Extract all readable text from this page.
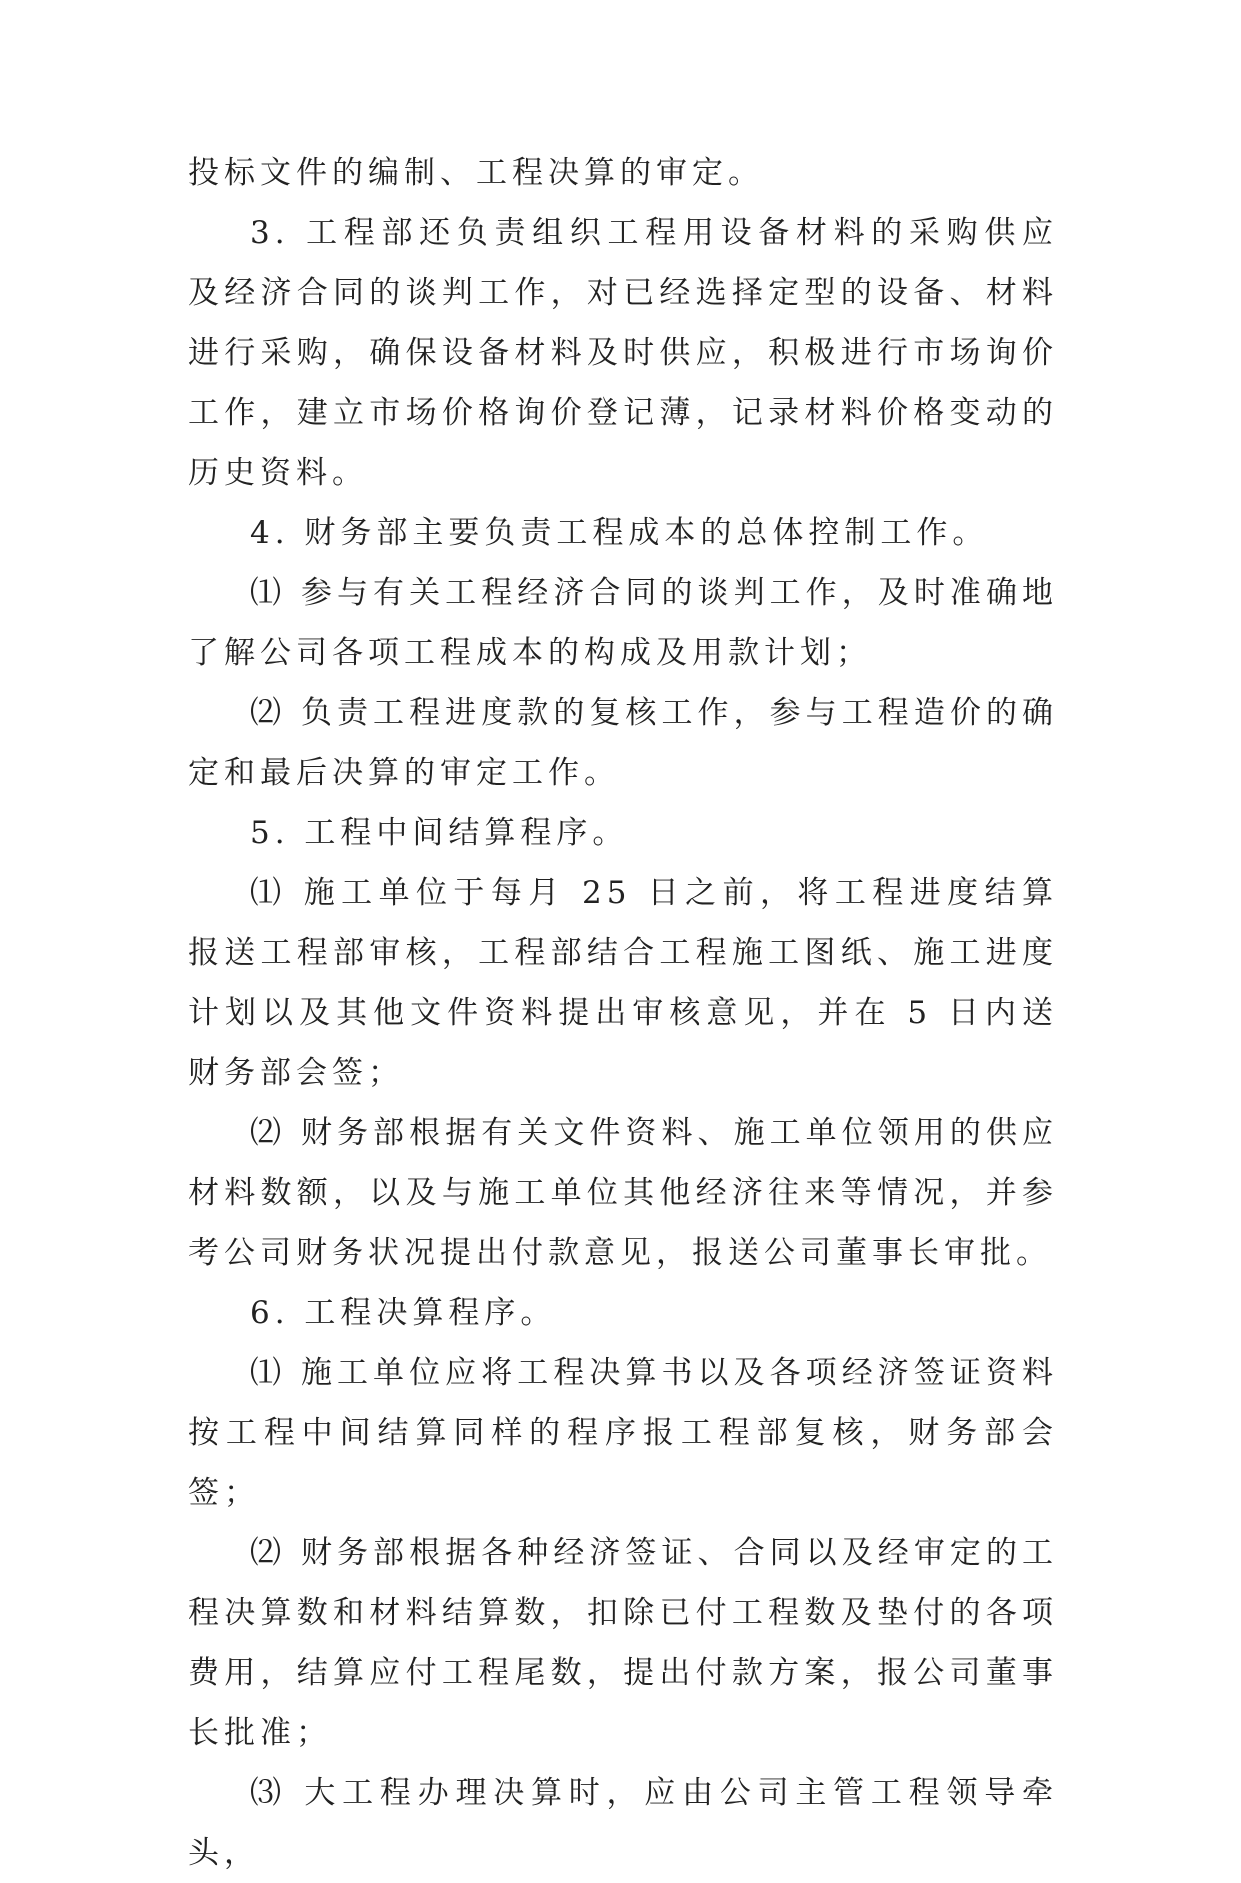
投标文件的编制、工程决算的审定。

3. 工程部还负责组织工程用设备材料的采购供应及经济合同的谈判工作，对已经选择定型的设备、材料进行采购，确保设备材料及时供应，积极进行市场询价工作，建立市场价格询价登记薄，记录材料价格变动的历史资料。

4. 财务部主要负责工程成本的总体控制工作。

⑴ 参与有关工程经济合同的谈判工作，及时准确地了解公司各项工程成本的构成及用款计划；

⑵ 负责工程进度款的复核工作，参与工程造价的确定和最后决算的审定工作。

5. 工程中间结算程序。

⑴ 施工单位于每月 25 日之前，将工程进度结算报送工程部审核，工程部结合工程施工图纸、施工进度计划以及其他文件资料提出审核意见，并在 5 日内送财务部会签；

⑵ 财务部根据有关文件资料、施工单位领用的供应材料数额，以及与施工单位其他经济往来等情况，并参考公司财务状况提出付款意见，报送公司董事长审批。

6. 工程决算程序。

⑴ 施工单位应将工程决算书以及各项经济签证资料按工程中间结算同样的程序报工程部复核，财务部会签；

⑵ 财务部根据各种经济签证、合同以及经审定的工程决算数和材料结算数，扣除已付工程数及垫付的各项费用，结算应付工程尾数，提出付款方案，报公司董事长批准；

⑶ 大工程办理决算时，应由公司主管工程领导牵头，
